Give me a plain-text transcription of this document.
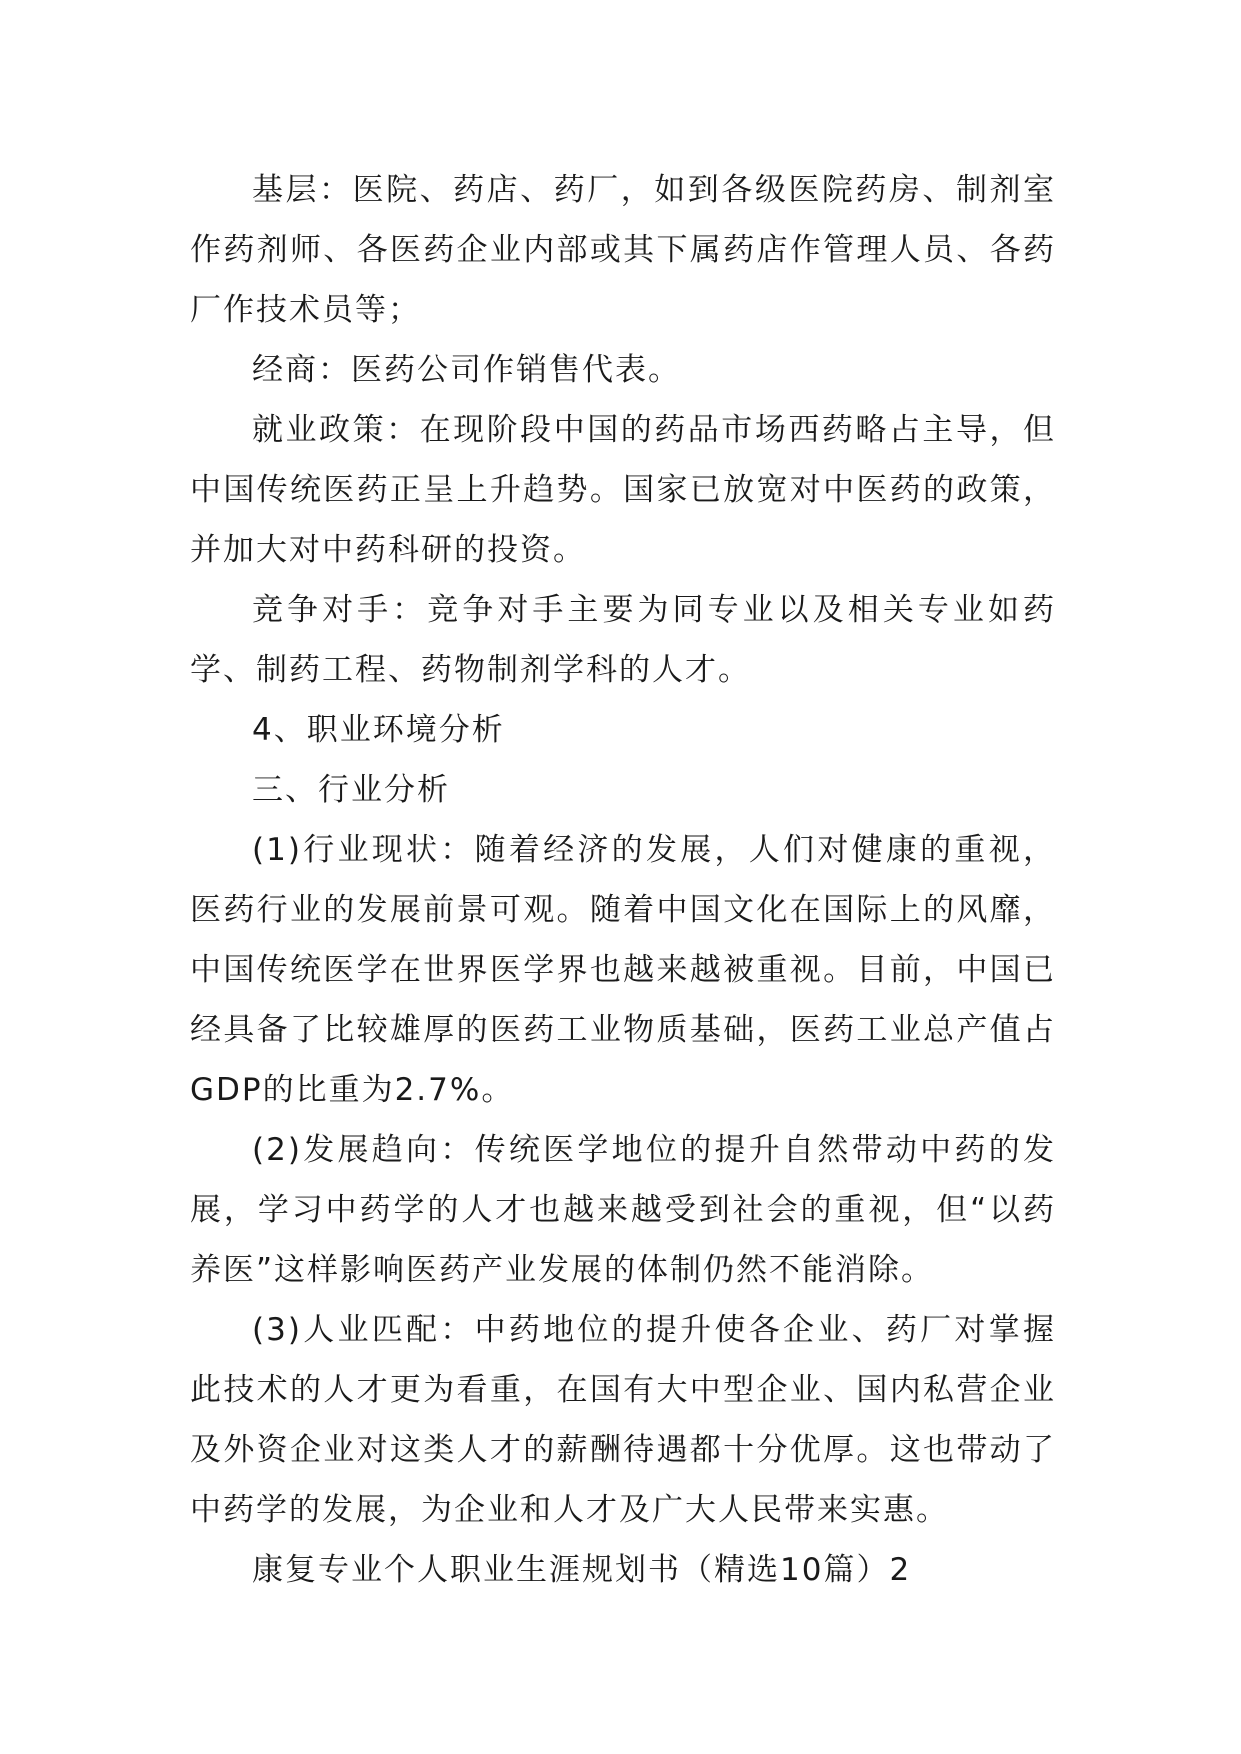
基层：医院、药店、药厂，如到各级医院药房、制剂室作药剂师、各医药企业内部或其下属药店作管理人员、各药厂作技术员等；

经商：医药公司作销售代表。

就业政策：在现阶段中国的药品市场西药略占主导，但中国传统医药正呈上升趋势。国家已放宽对中医药的政策，并加大对中药科研的投资。

竞争对手：竞争对手主要为同专业以及相关专业如药学、制药工程、药物制剂学科的人才。

4、职业环境分析

三、行业分析

(1)行业现状：随着经济的发展，人们对健康的重视，医药行业的发展前景可观。随着中国文化在国际上的风靡，中国传统医学在世界医学界也越来越被重视。目前，中国已经具备了比较雄厚的医药工业物质基础，医药工业总产值占GDP的比重为2.7%。

(2)发展趋向：传统医学地位的提升自然带动中药的发展，学习中药学的人才也越来越受到社会的重视，但“以药养医”这样影响医药产业发展的体制仍然不能消除。

(3)人业匹配：中药地位的提升使各企业、药厂对掌握此技术的人才更为看重，在国有大中型企业、国内私营企业及外资企业对这类人才的薪酬待遇都十分优厚。这也带动了中药学的发展，为企业和人才及广大人民带来实惠。

康复专业个人职业生涯规划书（精选10篇）2
